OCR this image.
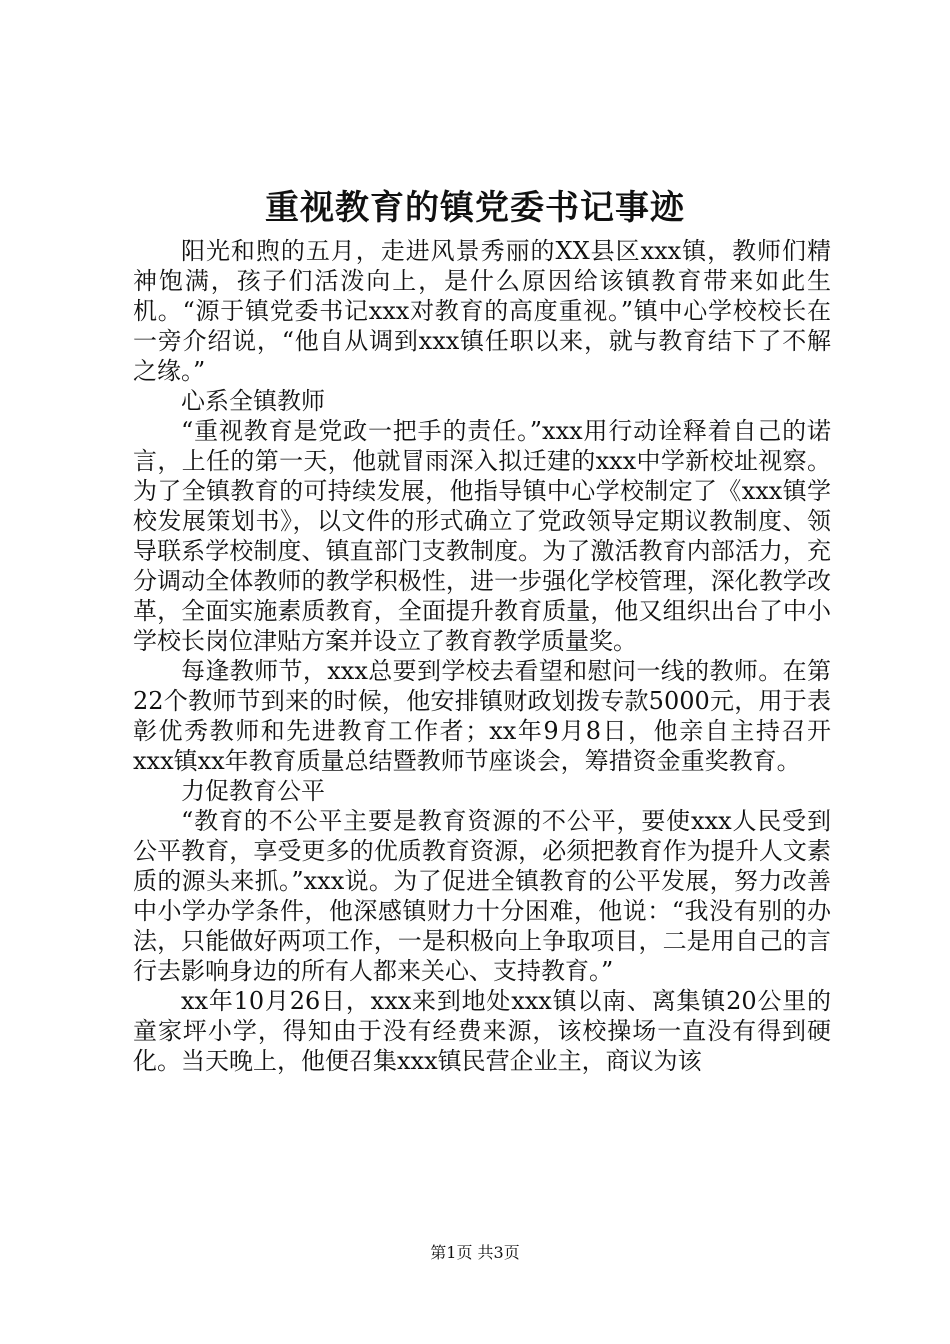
重视教育的镇党委书记事迹

阳光和煦的五月，走进风景秀丽的XX县区xxx镇，教师们精神饱满，孩子们活泼向上，是什么原因给该镇教育带来如此生机。“源于镇党委书记xxx对教育的高度重视。”镇中心学校校长在一旁介绍说，“他自从调到xxx镇任职以来，就与教育结下了不解之缘。”

心系全镇教师

“重视教育是党政一把手的责任。”xxx用行动诠释着自己的诺言，上任的第一天，他就冒雨深入拟迁建的xxx中学新校址视察。为了全镇教育的可持续发展，他指导镇中心学校制定了《xxx镇学校发展策划书》，以文件的形式确立了党政领导定期议教制度、领导联系学校制度、镇直部门支教制度。为了激活教育内部活力，充分调动全体教师的教学积极性，进一步强化学校管理，深化教学改革，全面实施素质教育，全面提升教育质量，他又组织出台了中小学校长岗位津贴方案并设立了教育教学质量奖。

每逢教师节，xxx总要到学校去看望和慰问一线的教师。在第22个教师节到来的时候，他安排镇财政划拨专款5000元，用于表彰优秀教师和先进教育工作者；xx年9月8日，他亲自主持召开xxx镇xx年教育质量总结暨教师节座谈会，筹措资金重奖教育。

力促教育公平

“教育的不公平主要是教育资源的不公平，要使xxx人民受到公平教育，享受更多的优质教育资源，必须把教育作为提升人文素质的源头来抓。”xxx说。为了促进全镇教育的公平发展，努力改善中小学办学条件，他深感镇财力十分困难，他说：“我没有别的办法，只能做好两项工作，一是积极向上争取项目，二是用自己的言行去影响身边的所有人都来关心、支持教育。”

xx年10月26日，xxx来到地处xxx镇以南、离集镇20公里的童家坪小学，得知由于没有经费来源，该校操场一直没有得到硬化。当天晚上，他便召集xxx镇民营企业主，商议为该

第1页 共3页
